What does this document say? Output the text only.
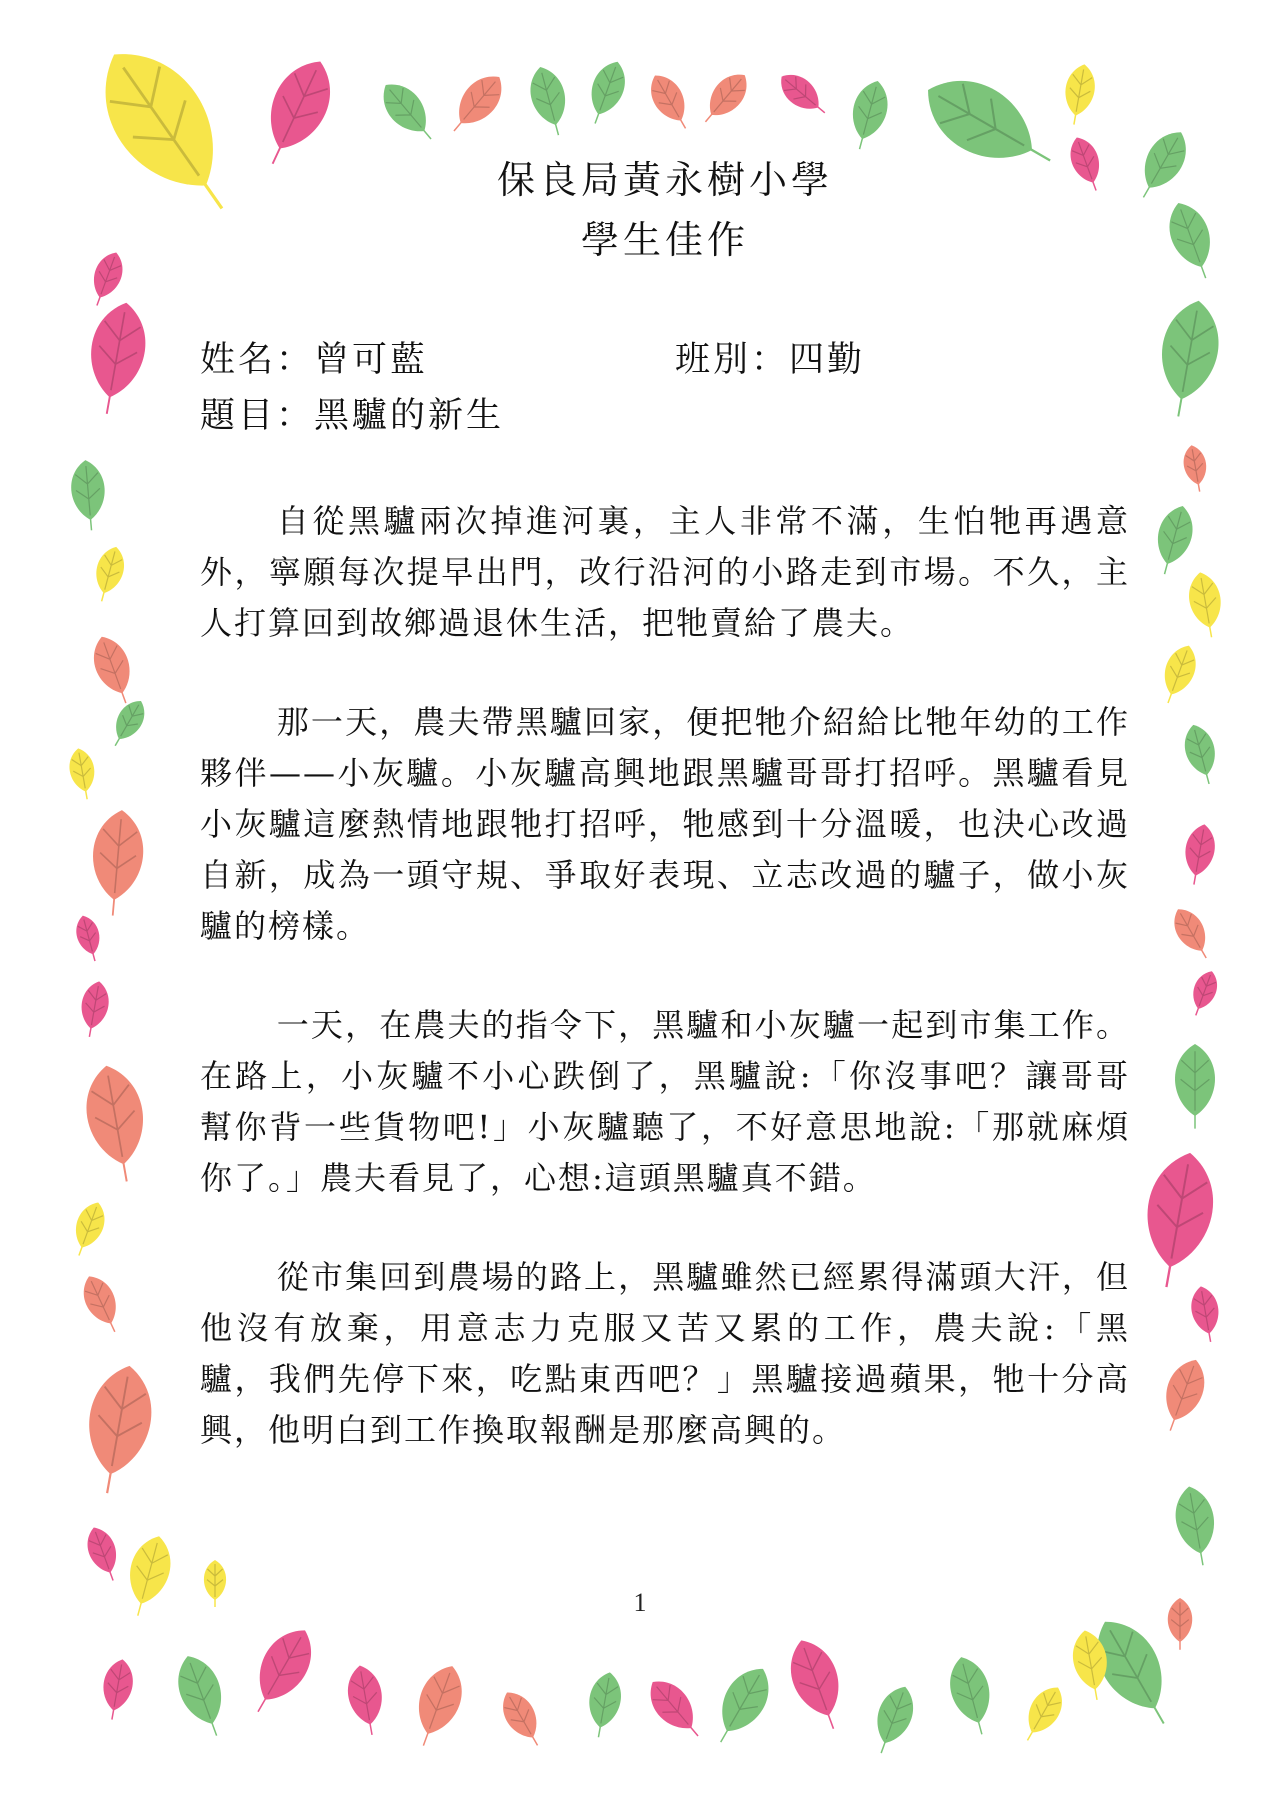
保良局黃永樹小學
學生佳作
姓名：曾可藍	班別：四勤
題目：黑驢的新生

自從黑驢兩次掉進河裏，主人非常不滿，生怕牠再遇意外，寧願每次提早出門，改行沿河的小路走到市場。不久，主人打算回到故鄉過退休生活，把牠賣給了農夫。

那一天，農夫帶黑驢回家，便把牠介紹給比牠年幼的工作夥伴——小灰驢。小灰驢高興地跟黑驢哥哥打招呼。黑驢看見小灰驢這麼熱情地跟牠打招呼，牠感到十分溫暖，也決心改過自新，成為一頭守規、爭取好表現、立志改過的驢子，做小灰驢的榜樣。

一天，在農夫的指令下，黑驢和小灰驢一起到市集工作。在路上，小灰驢不小心跌倒了，黑驢說:「你沒事吧？讓哥哥幫你背一些貨物吧!」小灰驢聽了，不好意思地說:「那就麻煩你了。」農夫看見了，心想:這頭黑驢真不錯。

從市集回到農場的路上，黑驢雖然已經累得滿頭大汗，但他沒有放棄，用意志力克服又苦又累的工作，農夫說:「黑驢，我們先停下來，吃點東西吧？」黑驢接過蘋果，牠十分高興，他明白到工作換取報酬是那麼高興的。

1
